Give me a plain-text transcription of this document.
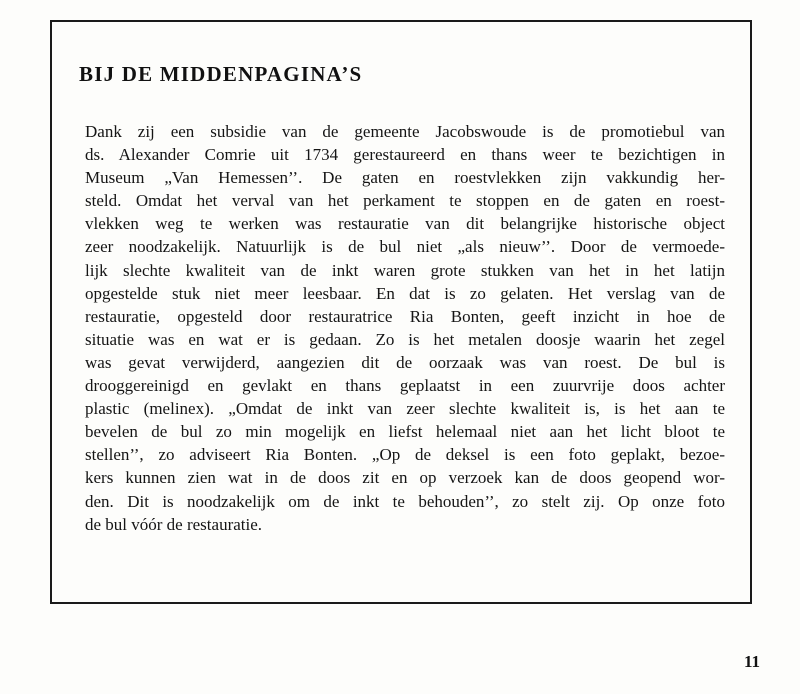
BIJ DE MIDDENPAGINA’S
Dank zij een subsidie van de gemeente Jacobswoude is de promotiebul van
ds. Alexander Comrie uit 1734 gerestaureerd en thans weer te bezichtigen in
Museum „Van Hemessen’’. De gaten en roestvlekken zijn vakkundig her-
steld. Omdat het verval van het perkament te stoppen en de gaten en roest-
vlekken weg te werken was restauratie van dit belangrijke historische object
zeer noodzakelijk. Natuurlijk is de bul niet „als nieuw’’. Door de vermoede-
lijk slechte kwaliteit van de inkt waren grote stukken van het in het latijn
opgestelde stuk niet meer leesbaar. En dat is zo gelaten. Het verslag van de
restauratie, opgesteld door restauratrice Ria Bonten, geeft inzicht in hoe de
situatie was en wat er is gedaan. Zo is het metalen doosje waarin het zegel
was gevat verwijderd, aangezien dit de oorzaak was van roest. De bul is
drooggereinigd en gevlakt en thans geplaatst in een zuurvrije doos achter
plastic (melinex). „Omdat de inkt van zeer slechte kwaliteit is, is het aan te
bevelen de bul zo min mogelijk en liefst helemaal niet aan het licht bloot te
stellen’’, zo adviseert Ria Bonten. „Op de deksel is een foto geplakt, bezoe-
kers kunnen zien wat in de doos zit en op verzoek kan de doos geopend wor-
den. Dit is noodzakelijk om de inkt te behouden’’, zo stelt zij. Op onze foto
de bul vóór de restauratie.
11
